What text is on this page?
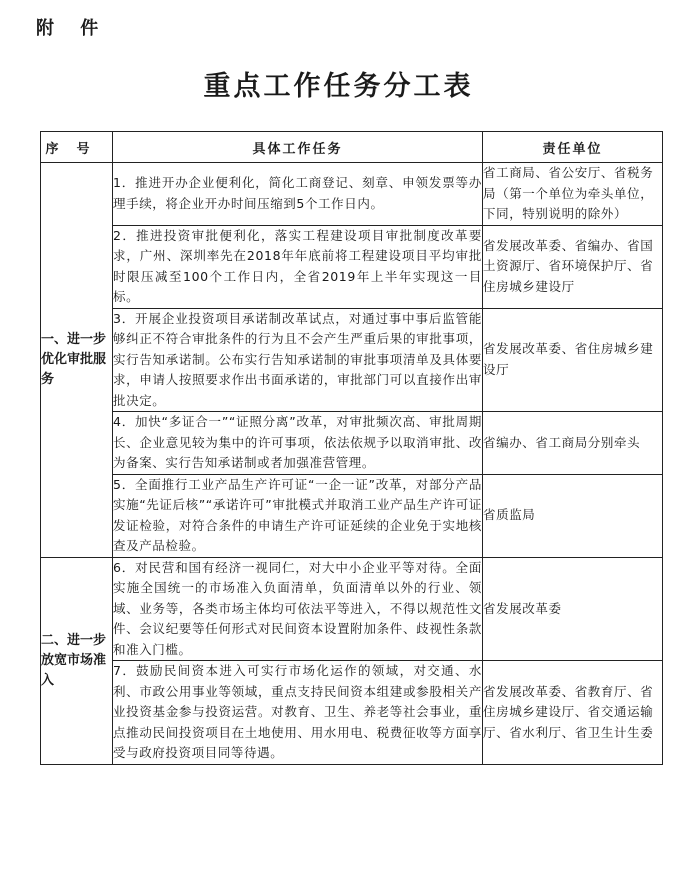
附 件
重点工作任务分工表
序号	具体工作任务	责任单位
一、进一步优化审批服务	1．推进开办企业便利化，简化工商登记、刻章、申领发票等办理手续，将企业开办时间压缩到5个工作日内。	省工商局、省公安厅、省税务局（第一个单位为牵头单位，下同，特别说明的除外）
	2．推进投资审批便利化，落实工程建设项目审批制度改革要求，广州、深圳率先在2018年年底前将工程建设项目平均审批时限压减至100个工作日内，全省2019年上半年实现这一目标。	省发展改革委、省编办、省国土资源厅、省环境保护厅、省住房城乡建设厅
	3．开展企业投资项目承诺制改革试点，对通过事中事后监管能够纠正不符合审批条件的行为且不会产生严重后果的审批事项，实行告知承诺制。公布实行告知承诺制的审批事项清单及具体要求，申请人按照要求作出书面承诺的，审批部门可以直接作出审批决定。	省发展改革委、省住房城乡建设厅
	4．加快“多证合一”“证照分离”改革，对审批频次高、审批周期长、企业意见较为集中的许可事项，依法依规予以取消审批、改为备案、实行告知承诺制或者加强准营管理。	省编办、省工商局分别牵头
	5．全面推行工业产品生产许可证“一企一证”改革，对部分产品实施“先证后核”“承诺许可”审批模式并取消工业产品生产许可证发证检验，对符合条件的申请生产许可证延续的企业免于实地核查及产品检验。	省质监局
二、进一步放宽市场准入	6．对民营和国有经济一视同仁，对大中小企业平等对待。全面实施全国统一的市场准入负面清单，负面清单以外的行业、领域、业务等，各类市场主体均可依法平等进入，不得以规范性文件、会议纪要等任何形式对民间资本设置附加条件、歧视性条款和准入门槛。	省发展改革委
	7．鼓励民间资本进入可实行市场化运作的领域，对交通、水利、市政公用事业等领域，重点支持民间资本组建或参股相关产业投资基金参与投资运营。对教育、卫生、养老等社会事业，重点推动民间投资项目在土地使用、用水用电、税费征收等方面享受与政府投资项目同等待遇。	省发展改革委、省教育厅、省住房城乡建设厅、省交通运输厅、省水利厅、省卫生计生委
